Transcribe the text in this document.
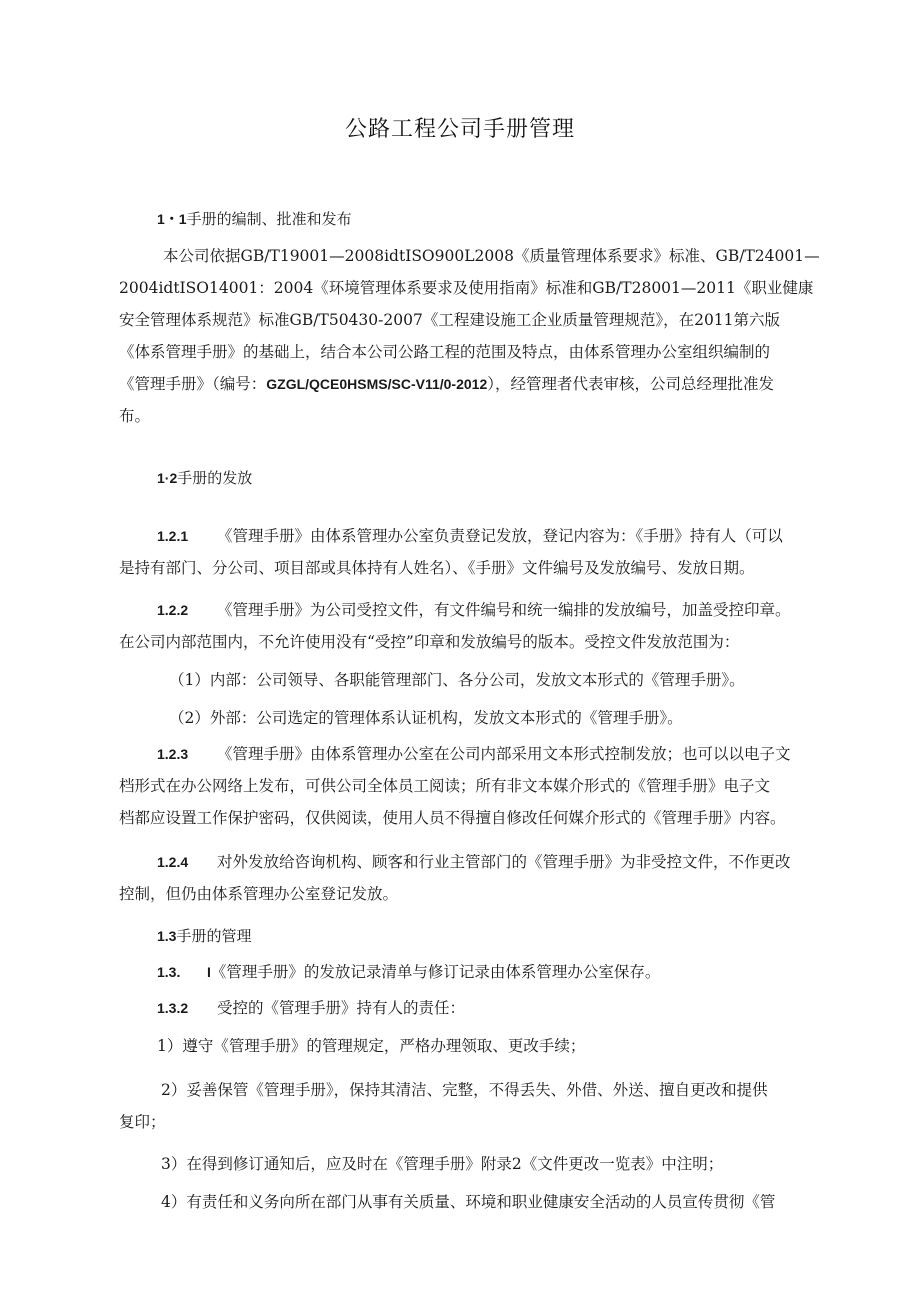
公路工程公司手册管理
1・1手册的编制、批准和发布
本公司依据GB/T19001—2008idtISO900L2008《质量管理体系要求》标准、GB/T24001—
2004idtISO14001：2004《环境管理体系要求及使用指南》标准和GB/T28001—2011《职业健康
安全管理体系规范》标准GB/T50430-2007《工程建设施工企业质量管理规范》，在2011第六版
《体系管理手册》的基础上，结合本公司公路工程的范围及特点，由体系管理办公室组织编制的
《管理手册》（编号：GZGL/QCE0HSMS/SC-V11/0-2012），经管理者代表审核，公司总经理批准发
布。
1·2手册的发放
1.2.1 《管理手册》由体系管理办公室负责登记发放，登记内容为：《手册》持有人（可以
是持有部门、分公司、项目部或具体持有人姓名）、《手册》文件编号及发放编号、发放日期。
1.2.2 《管理手册》为公司受控文件，有文件编号和统一编排的发放编号，加盖受控印章。
在公司内部范围内，不允许使用没有“受控”印章和发放编号的版本。受控文件发放范围为：
（1）内部：公司领导、各职能管理部门、各分公司，发放文本形式的《管理手册》。
（2）外部：公司选定的管理体系认证机构，发放文本形式的《管理手册》。
1.2.3 《管理手册》由体系管理办公室在公司内部采用文本形式控制发放；也可以以电子文
档形式在办公网络上发布，可供公司全体员工阅读；所有非文本媒介形式的《管理手册》电子文
档都应设置工作保护密码，仅供阅读，使用人员不得擅自修改任何媒介形式的《管理手册》内容。
1.2.4 对外发放给咨询机构、顾客和行业主管部门的《管理手册》为非受控文件，不作更改
控制，但仍由体系管理办公室登记发放。
1.3手册的管理
1.3. I《管理手册》的发放记录清单与修订记录由体系管理办公室保存。
1.3.2 受控的《管理手册》持有人的责任：
1）遵守《管理手册》的管理规定，严格办理领取、更改手续；
2）妥善保管《管理手册》，保持其清洁、完整，不得丢失、外借、外送、擅自更改和提供
复印；
3）在得到修订通知后，应及时在《管理手册》附录2《文件更改一览表》中注明；
4）有责任和义务向所在部门从事有关质量、环境和职业健康安全活动的人员宣传贯彻《管
